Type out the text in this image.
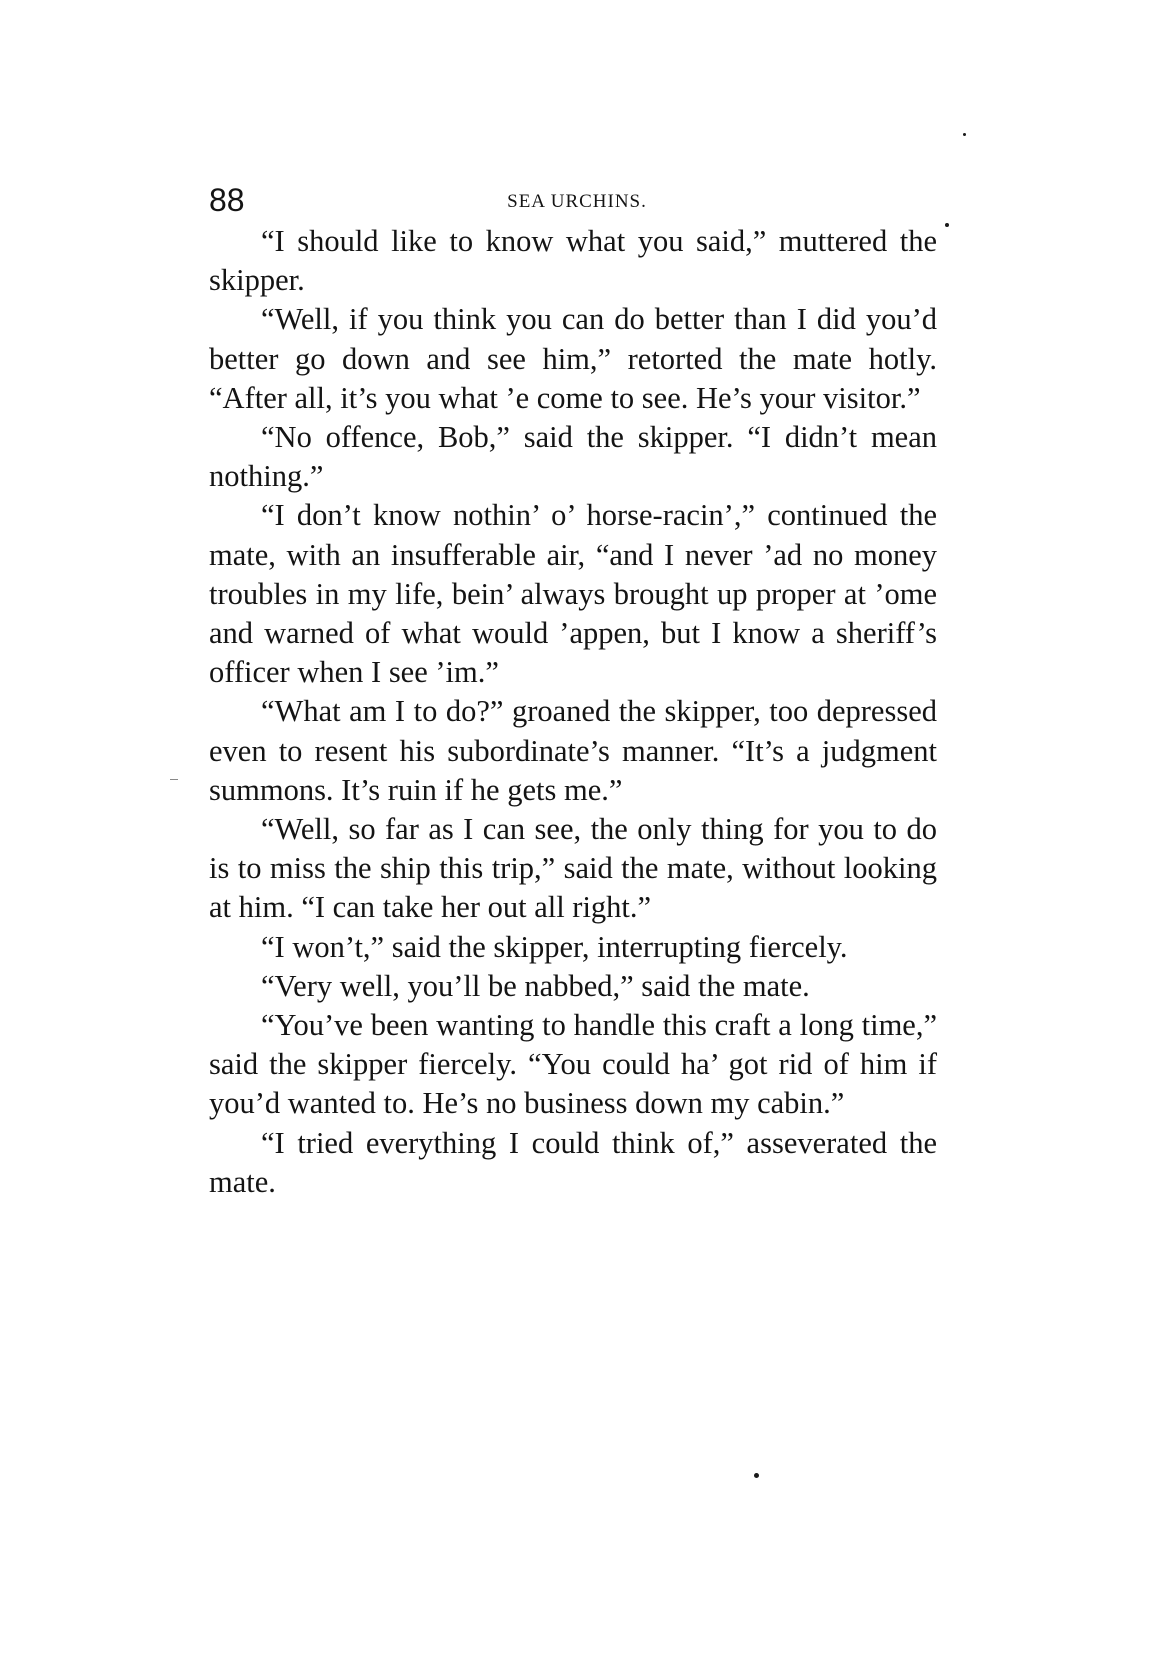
88	SEA URCHINS.

“I should like to know what you said,” muttered the skipper.

“Well, if you think you can do better than I did you’d better go down and see him,” retorted the mate hotly. “After all, it’s you what ’e come to see. He’s your visitor.”

“No offence, Bob,” said the skipper. “I didn’t mean nothing.”

“I don’t know nothin’ o’ horse-racin’,” continued the mate, with an insufferable air, “and I never ’ad no money troubles in my life, bein’ always brought up proper at ’ome and warned of what would ’appen, but I know a sheriff’s officer when I see ’im.”

“What am I to do?” groaned the skipper, too depressed even to resent his subordinate’s manner. “It’s a judgment summons. It’s ruin if he gets me.”

“Well, so far as I can see, the only thing for you to do is to miss the ship this trip,” said the mate, without looking at him. “I can take her out all right.”

“I won’t,” said the skipper, interrupting fiercely.

“Very well, you’ll be nabbed,” said the mate.

“You’ve been wanting to handle this craft a long time,” said the skipper fiercely. “You could ha’ got rid of him if you’d wanted to. He’s no business down my cabin.”

“I tried everything I could think of,” asseverated the mate.
